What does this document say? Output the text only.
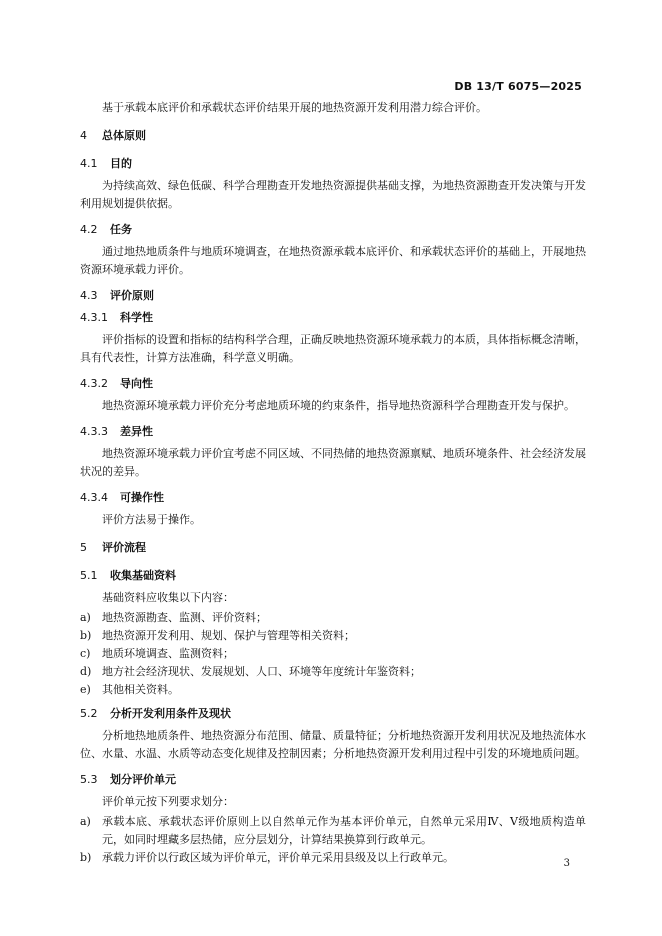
DB 13/T 6075—2025

基于承载本底评价和承载状态评价结果开展的地热资源开发利用潜力综合评价。

4	总体原则
4.1	目的

为持续高效、绿色低碳、科学合理勘查开发地热资源提供基础支撑，为地热资源勘查开发决策与开发利用规划提供依据。

4.2	任务

通过地热地质条件与地质环境调查，在地热资源承载本底评价、和承载状态评价的基础上，开展地热资源环境承载力评价。

4.3	评价原则
4.3.1	科学性

评价指标的设置和指标的结构科学合理，正确反映地热资源环境承载力的本质，具体指标概念清晰，具有代表性，计算方法准确，科学意义明确。

4.3.2	导向性

地热资源环境承载力评价充分考虑地质环境的约束条件，指导地热资源科学合理勘查开发与保护。

4.3.3	差异性

地热资源环境承载力评价宜考虑不同区域、不同热储的地热资源禀赋、地质环境条件、社会经济发展状况的差异。

4.3.4	可操作性

评价方法易于操作。

5	评价流程
5.1	收集基础资料

基础资料应收集以下内容：

a)	地热资源勘查、监测、评价资料；
b) 地热资源开发利用、规划、保护与管理等相关资料；
c)	地质环境调查、监测资料；
d) 地方社会经济现状、发展规划、人口、环境等年度统计年鉴资料；
e)	其他相关资料。
5.2	分析开发利用条件及现状

分析地热地质条件、地热资源分布范围、储量、质量特征；分析地热资源开发利用状况及地热流体水位、水量、水温、水质等动态变化规律及控制因素；分析地热资源开发利用过程中引发的环境地质问题。

5.3	划分评价单元

评价单元按下列要求划分：

a)	承载本底、承载状态评价原则上以自然单元作为基本评价单元，自然单元采用Ⅳ、Ⅴ级地质构造单元，如同时埋藏多层热储，应分层划分，计算结果换算到行政单元。
b) 承载力评价以行政区域为评价单元，评价单元采用县级及以上行政单元。	3
